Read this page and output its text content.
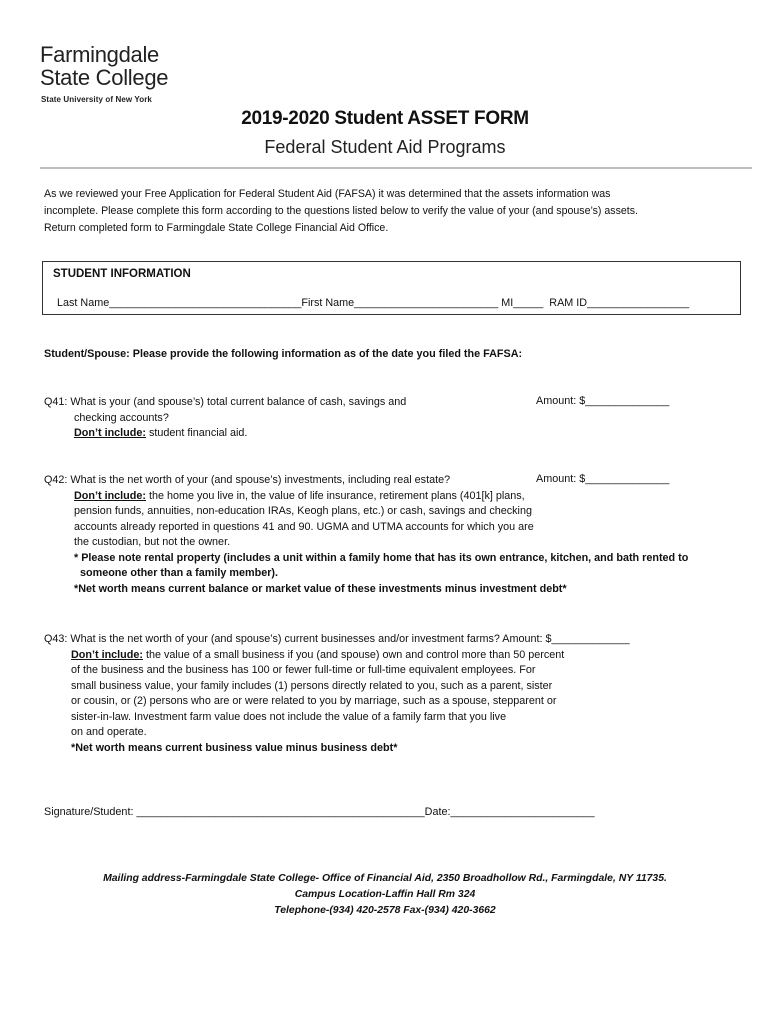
Farmingdale
State College
State University of New York
2019-2020 Student ASSET FORM
Federal Student Aid Programs
As we reviewed your Free Application for Federal Student Aid (FAFSA) it was determined that the assets information was
incomplete. Please complete this form according to the questions listed below to verify the value of your (and spouse’s) assets.
Return completed form to Farmingdale State College Financial Aid Office.
STUDENT INFORMATION
Last Name________________________________First Name________________________ MI_____  RAM ID_________________
Student/Spouse: Please provide the following information as of the date you filed the FAFSA:
Q41: What is your (and spouse’s) total current balance of cash, savings and
checking accounts?
Don’t include: student financial aid.
Amount: $______________
Q42: What is the net worth of your (and spouse’s) investments, including real estate?
Don’t include: the home you live in, the value of life insurance, retirement plans (401[k] plans,
pension funds, annuities, non-education IRAs, Keogh plans, etc.) or cash, savings and checking
accounts already reported in questions 41 and 90. UGMA and UTMA accounts for which you are
the custodian, but not the owner.
* Please note rental property (includes a unit within a family home that has its own entrance, kitchen, and bath rented to
someone other than a family member).
*Net worth means current balance or market value of these investments minus investment debt*
Amount: $______________
Q43: What is the net worth of your (and spouse’s) current businesses and/or investment farms? Amount: $_____________
Don’t include: the value of a small business if you (and spouse) own and control more than 50 percent
of the business and the business has 100 or fewer full-time or full-time equivalent employees. For
small business value, your family includes (1) persons directly related to you, such as a parent, sister
or cousin, or (2) persons who are or were related to you by marriage, such as a spouse, stepparent or
sister-in-law. Investment farm value does not include the value of a family farm that you live
on and operate.
*Net worth means current business value minus business debt*
Signature/Student: ________________________________________________Date:________________________
Mailing address-Farmingdale State College- Office of Financial Aid, 2350 Broadhollow Rd., Farmingdale, NY 11735.
Campus Location-Laffin Hall Rm 324
Telephone-(934) 420-2578 Fax-(934) 420-3662
